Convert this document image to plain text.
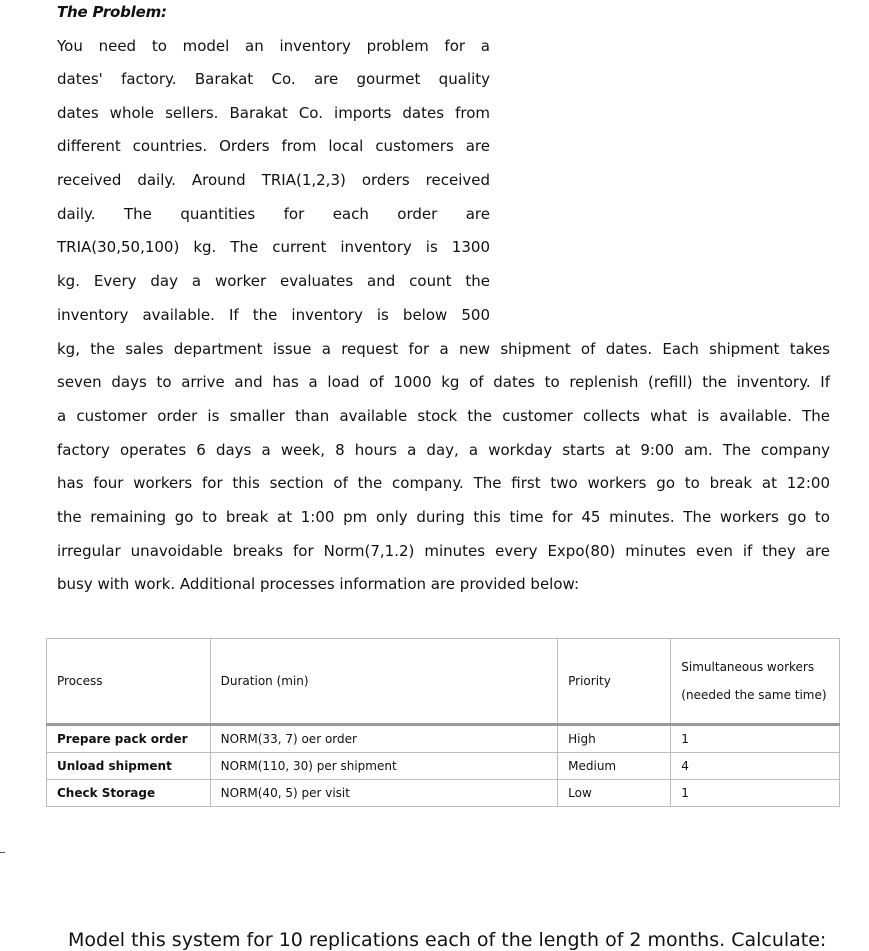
The Problem:
You need to model an inventory problem for a
dates' factory. Barakat Co. are gourmet quality
dates whole sellers. Barakat Co. imports dates from
different countries. Orders from local customers are
received daily. Around TRIA(1,2,3) orders received
daily. The quantities for each order are
TRIA(30,50,100) kg. The current inventory is 1300
kg. Every day a worker evaluates and count the
inventory available. If the inventory is below 500
kg, the sales department issue a request for a new shipment of dates. Each shipment takes
seven days to arrive and has a load of 1000 kg of dates to replenish (refill) the inventory. If
a customer order is smaller than available stock the customer collects what is available. The
factory operates 6 days a week, 8 hours a day, a workday starts at 9:00 am. The company
has four workers for this section of the company. The first two workers go to break at 12:00
the remaining go to break at 1:00 pm only during this time for 45 minutes. The workers go to
irregular unavoidable breaks for Norm(7,1.2) minutes every Expo(80) minutes even if they are
busy with work. Additional processes information are provided below:
Process	Duration (min)	Priority	Simultaneous workers (needed the same time)
Prepare pack order	NORM(33, 7) oer order	High	1
Unload shipment	NORM(110, 30) per shipment	Medium	4
Check Storage	NORM(40, 5) per visit	Low	1
Model this system for 10 replications each of the length of 2 months. Calculate:
